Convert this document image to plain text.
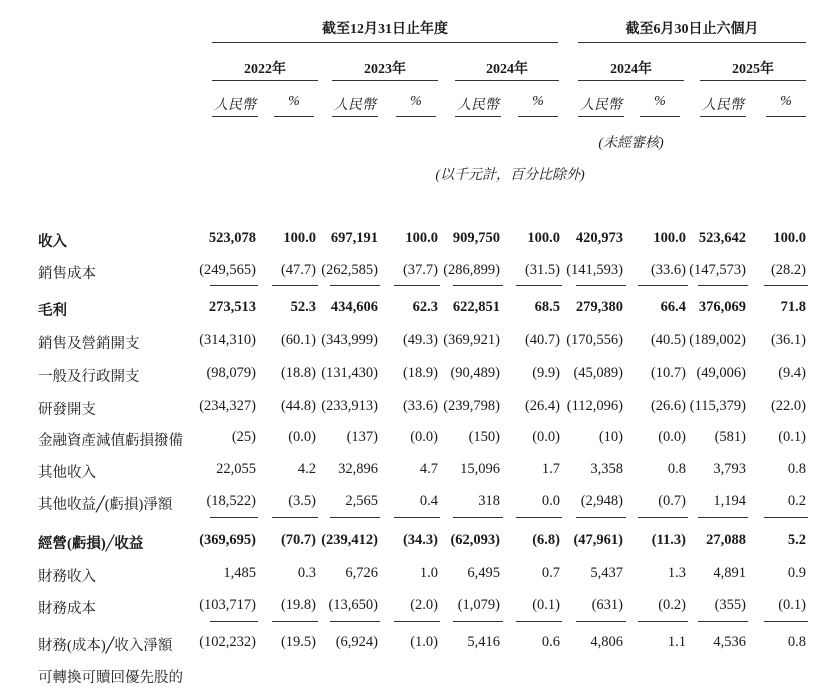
截至12月31日止年度	截至6月30日止六個月
2022年	2023年	2024年	2024年	2025年
人民幣	%	人民幣	%	人民幣	%	人民幣	%	人民幣	%
(未經審核)
(以千元計，百分比除外)
收入	523,078	100.0	697,191	100.0	909,750	100.0	420,973	100.0 523,642	100.0
銷售成本	(249,565)	(47.7) (262,585)	(37.7) (286,899)	(31.5) (141,593)	(33.6) (147,573)	(28.2)
毛利	273,513	52.3	434,606	62.3	622,851	68.5	279,380	66.4 376,069	71.8
銷售及營銷開支	(314,310)	(60.1) (343,999)	(49.3) (369,921)	(40.7) (170,556)	(40.5) (189,002)	(36.1)
一般及行政開支	(98,079)	(18.8) (131,430)	(18.9) (90,489)	(9.9) (45,089)	(10.7) (49,006)	(9.4)
研發開支	(234,327)	(44.8) (233,913)	(33.6) (239,798)	(26.4) (112,096)	(26.6) (115,379)	(22.0)
金融資產減值虧損撥備	(25)	(0.0)	(137)	(0.0)	(150)	(0.0)	(10)	(0.0)	(581)	(0.1)
其他收入	22,055	4.2	32,896	4.7	15,096	1.7	3,358	0.8	3,793	0.8
其他收益╱(虧損)淨額	(18,522)	(3.5)	2,565	0.4	318	0.0	(2,948)	(0.7)	1,194	0.2
經營(虧損)╱收益	(369,695)	(70.7) (239,412)	(34.3) (62,093)	(6.8) (47,961)	(11.3)	27,088	5.2
財務收入	1,485	0.3	6,726	1.0	6,495	0.7	5,437	1.3	4,891	0.9
財務成本	(103,717)	(19.8) (13,650)	(2.0)	(1,079)	(0.1)	(631)	(0.2)	(355)	(0.1)
財務(成本)╱收入淨額	(102,232)	(19.5)	(6,924)	(1.0)	5,416	0.6	4,806	1.1	4,536	0.8
可轉換可贖回優先股的
